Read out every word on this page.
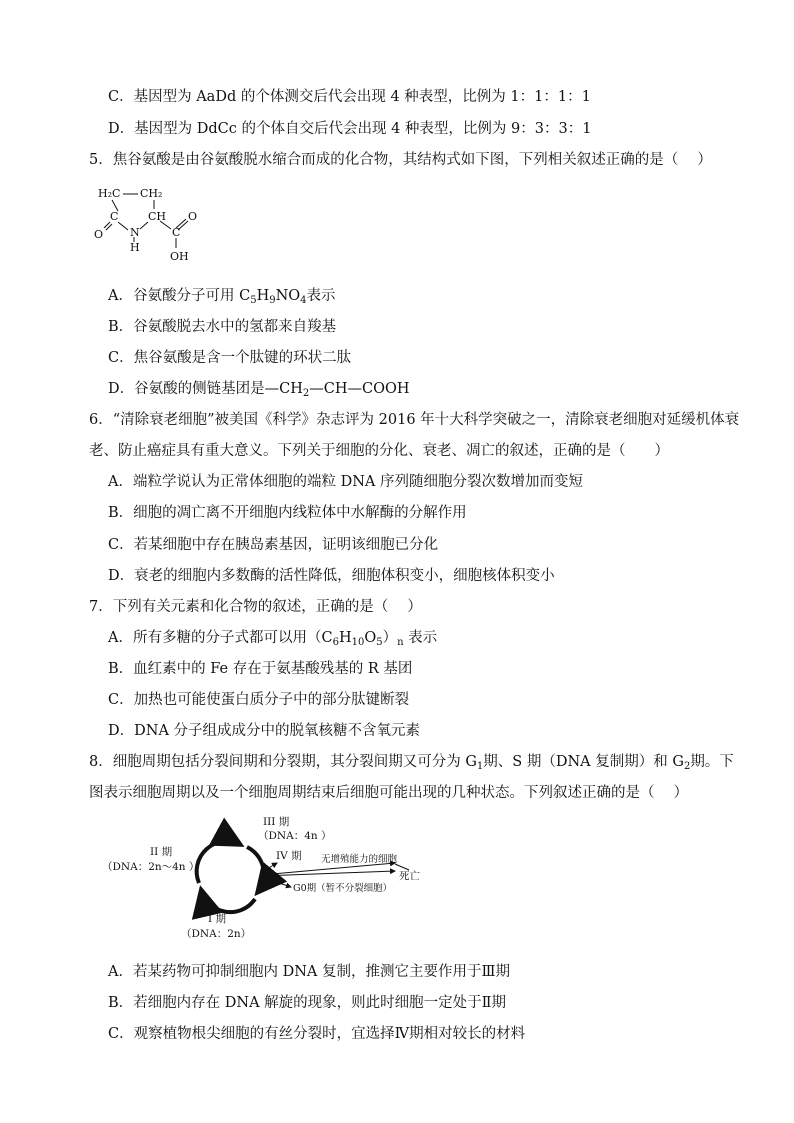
C．基因型为 AaDd 的个体测交后代会出现 4 种表型，比例为 1：1：1：1
D．基因型为 DdCc 的个体自交后代会出现 4 种表型，比例为 9：3：3：1
5．焦谷氨酸是由谷氨酸脱水缩合而成的化合物，其结构式如下图，下列相关叙述正确的是（　 ）
H₂C CH₂
C	CH
N	C
O
O
H
OH
A．谷氨酸分子可用 $C_5H_9NO_4$表示
B．谷氨酸脱去水中的氢都来自羧基
C．焦谷氨酸是含一个肽键的环状二肽
D．谷氨酸的侧链基团是$—CH_2—CH—COOH$
6．“清除衰老细胞”被美国《科学》杂志评为 2016 年十大科学突破之一，清除衰老细胞对延缓机体衰
老、防止癌症具有重大意义。下列关于细胞的分化、衰老、凋亡的叙述，正确的是（　　）
A．端粒学说认为正常体细胞的端粒 DNA 序列随细胞分裂次数增加而变短
B．细胞的凋亡离不开细胞内线粒体中水解酶的分解作用
C．若某细胞中存在胰岛素基因，证明该细胞已分化
D．衰老的细胞内多数酶的活性降低，细胞体积变小，细胞核体积变小
7．下列有关元素和化合物的叙述，正确的是（　 ）
A．所有多糖的分子式都可以用$(C_6H_{10}O_5)_n$ 表示
B．血红素中的 Fe 存在于氨基酸残基的 R 基团
C．加热也可能使蛋白质分子中的部分肽键断裂
D．DNA 分子组成成分中的脱氧核糖不含氧元素
8．细胞周期包括分裂间期和分裂期，其分裂间期又可分为 $G_1$期、S 期（DNA 复制期）和 $G_2$期。下
图表示细胞周期以及一个细胞周期结束后细胞可能出现的几种状态。下列叙述正确的是（　 ）
III 期
（DNA：4n ）
II 期
（DNA：2n～4n ）
IV 期 无增殖能力的细胞
死亡
G0期（暂不分裂细胞）
I 期
（DNA：2n）
A．若某药物可抑制细胞内 DNA 复制，推测它主要作用于Ⅲ期
B．若细胞内存在 DNA 解旋的现象，则此时细胞一定处于Ⅱ期
C．观察植物根尖细胞的有丝分裂时，宜选择Ⅳ期相对较长的材料
